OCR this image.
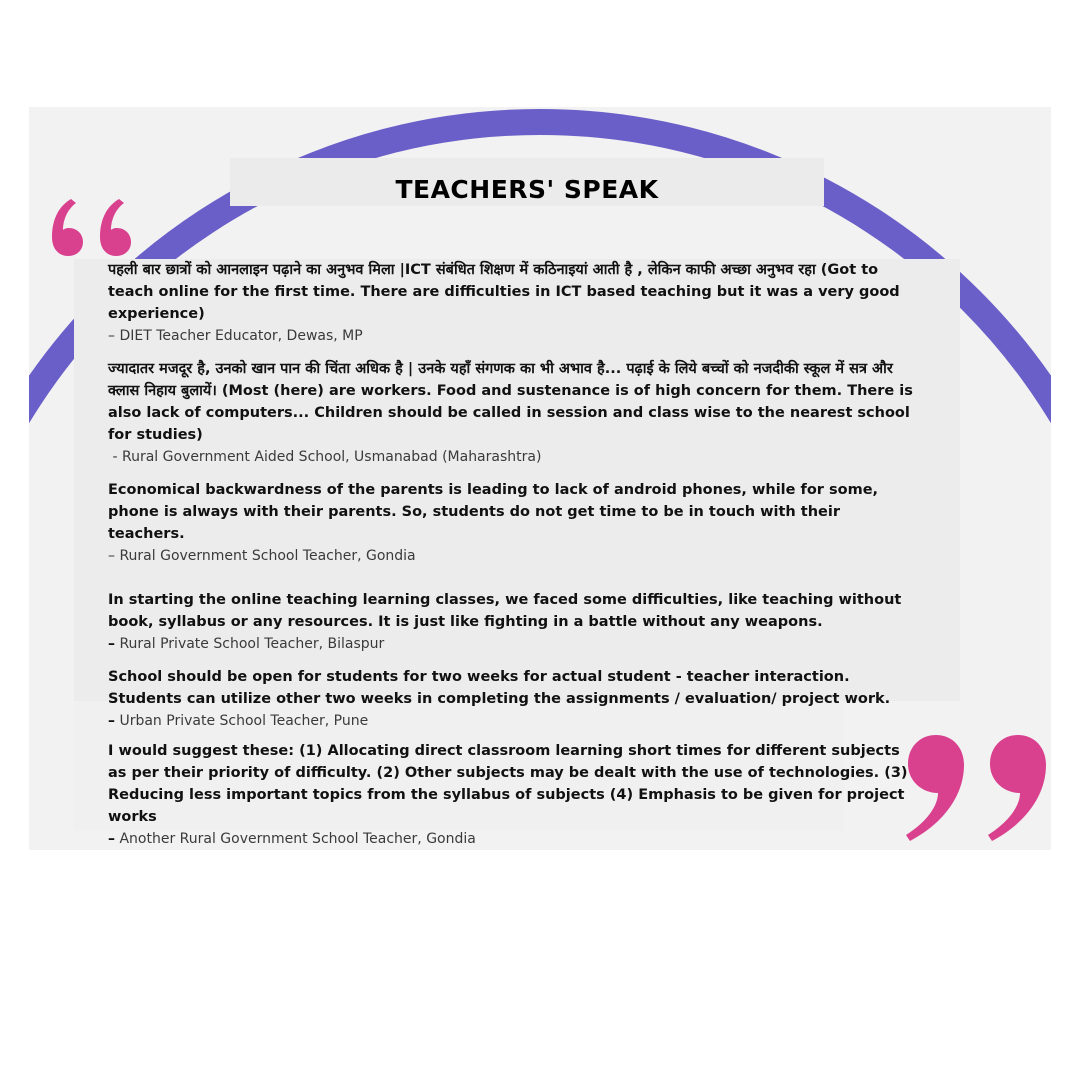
TEACHERS' SPEAK

पहली बार छात्रों को आनलाइन पढ़ाने का अनुभव मिला |ICT संबंधित शिक्षण में कठिनाइयां आती है , लेकिन काफी अच्छा अनुभव रहा (Got to teach online for the first time. There are difficulties in ICT based teaching but it was a very good experience)

– DIET Teacher Educator, Dewas, MP

ज्यादातर मजदूर है, उनको खान पान की चिंता अधिक है | उनके यहाँ संगणक का भी अभाव है... पढ़ाई के लिये बच्चों को नजदीकी स्कूल में सत्र और क्लास निहाय बुलायें। (Most (here) are workers. Food and sustenance is of high concern for them. There is also lack of computers... Children should be called in session and class wise to the nearest school for studies)

- Rural Government Aided School, Usmanabad (Maharashtra)

Economical backwardness of the parents is leading to lack of android phones, while for some, phone is always with their parents. So, students do not get time to be in touch with their teachers.

– Rural Government School Teacher, Gondia

In starting the online teaching learning classes, we faced some difficulties, like teaching without book, syllabus or any resources. It is just like fighting in a battle without any weapons.

– Rural Private School Teacher, Bilaspur

School should be open for students for two weeks for actual student - teacher interaction. Students can utilize other two weeks in completing the assignments / evaluation/ project work.

– Urban Private School Teacher, Pune

I would suggest these: (1) Allocating direct classroom learning short times for different subjects as per their priority of difficulty. (2) Other subjects may be dealt with the use of technologies. (3) Reducing less important topics from the syllabus of subjects (4) Emphasis to be given for project works

– Another Rural Government School Teacher, Gondia
